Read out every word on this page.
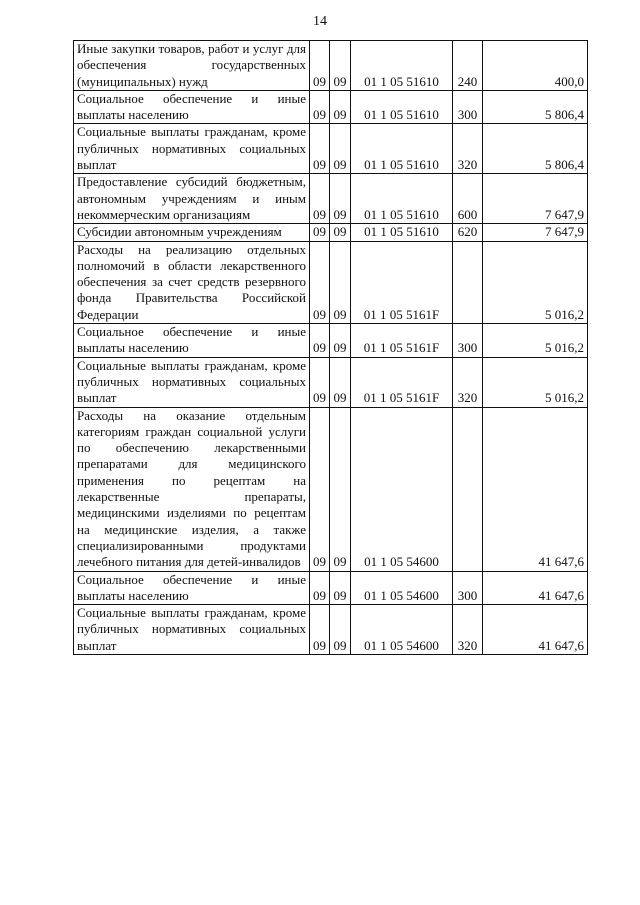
14
Иные закупки товаров, работ и услуг для обеспечения государственных (муниципальных) нужд	09	09	01 1 05 51610	240	400,0

Социальное обеспечение и иные выплаты населению	09	09	01 1 05 51610	300	5 806,4

Социальные выплаты гражданам, кроме публичных нормативных социальных выплат	09	09	01 1 05 51610	320	5 806,4

Предоставление субсидий бюджетным, автономным учреждениям и иным некоммерческим организациям	09	09	01 1 05 51610	600	7 647,9

Субсидии автономным учреждениям	09	09	01 1 05 51610	620	7 647,9

Расходы на реализацию отдельных полномочий в области лекарственного обеспечения за счет средств резервного фонда Правительства Российской Федерации	09	09	01 1 05 5161F		5 016,2

Социальное обеспечение и иные выплаты населению	09	09	01 1 05 5161F	300	5 016,2

Социальные выплаты гражданам, кроме публичных нормативных социальных выплат	09	09	01 1 05 5161F	320	5 016,2

Расходы на оказание отдельным категориям граждан социальной услуги по обеспечению лекарственными препаратами для медицинского применения по рецептам на лекарственные препараты, медицинскими изделиями по рецептам на медицинские изделия, а также специализированными продуктами лечебного питания для детей-инвалидов	09	09	01 1 05 54600		41 647,6

Социальное обеспечение и иные выплаты населению	09	09	01 1 05 54600	300	41 647,6

Социальные выплаты гражданам, кроме публичных нормативных социальных выплат	09	09	01 1 05 54600	320	41 647,6
